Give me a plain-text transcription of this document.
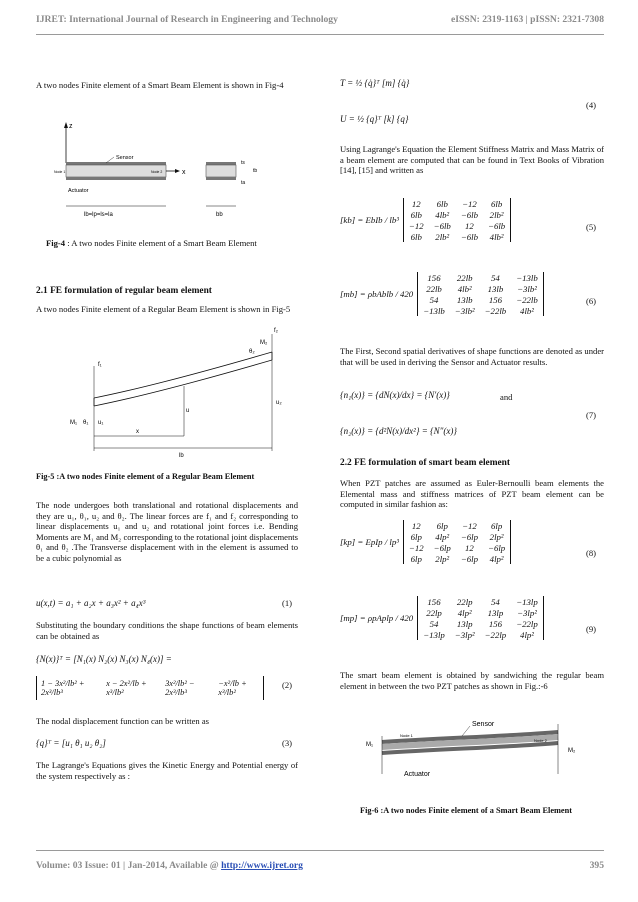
IJRET: International Journal of Research in Engineering and Technology	eISSN: 2319-1163 | pISSN: 2321-7308
A two nodes Finite element of a Smart Beam Element is shown in Fig-4
z
x
Sensor
Actuator
Node 1	Node 2
lb=lp=ls=la	bb
ts
tb
ta
Fig-4 : A two nodes Finite element of a Smart Beam Element
2.1 FE formulation of regular beam element
A two nodes Finite element of a Regular Beam Element is shown in Fig-5
f₁
f₂
M₁ θ₁
M₂
θ₂
u₁
u
u₂
x
lb
Fig-5 :A two nodes Finite element of a Regular Beam Element
The node undergoes both translational and rotational displacements and they are u₁, θ₁, u₂ and θ₂. The linear forces are f₁ and f₂ corresponding to linear displacements u₁ and u₂ and rotational joint forces i.e. Bending Moments are M₁ and M₂ corresponding to the rotational joint displacements θ₁ and θ₂ .The Transverse displacement with in the element is assumed to be a cubic polynomial as
u(x,t) = a₁ + a₂x + a₃x² + a₄x³	(1)
Substituting the boundary conditions the shape functions of beam elements can be obtained as
{N(x)}ᵀ = [N₁(x) N₂(x) N₃(x) N₄(x)] =
1 − 3x²/lb² + 2x³/lb³
x − 2x²/lb + x³/lb²
3x²/lb² − 2x³/lb³
−x²/lb + x³/lb²
(2)
The nodal displacement function can be written as
{q}ᵀ = [u₁ θ₁ u₂ θ₂]	(3)
The Lagrange's Equations gives the Kinetic Energy and Potential energy of the system respectively as :
T = ½ {q̇}ᵀ [m] {q̇}
U = ½ {q}ᵀ [k] {q}
(4)
Using Lagrange's Equation the Element Stiffness Matrix and Mass Matrix of a beam element are computed that can be found in Text Books of Vibration [14], [15] and written as
[kb] = EbIb / lb³
12	6lb	−12	6lb
6lb	4lb²	−6lb	2lb²
−12	−6lb	12	−6lb
6lb	2lb²	−6lb	4lb²
(5)
[mb] = ρbAblb / 420
156	22lb	54	−13lb
22lb	4lb²	13lb	−3lb²
54	13lb	156	−22lb
−13lb	−3lb²	−22lb	4lb²
(6)
The First, Second spatial derivatives of shape functions are denoted as under that will be used in deriving the Sensor and Actuator results.
{n₁(x)} = {dN(x)/dx} = {N′(x)}	and
{n₂(x)} = {d²N(x)/dx²} = {N″(x)}
(7)
2.2 FE formulation of smart beam element
When PZT patches are assumed as Euler-Bernoulli beam elements the Elemental mass and stiffness matrices of PZT beam element can be computed in similar fashion as:
[kp] = EpIp / lp³
12	6lp	−12	6lp
6lp	4lp²	−6lp	2lp²
−12	−6lp	12	−6lp
6lp	2lp²	−6lp	4lp²
(8)
[mp] = ρpAplp / 420
156	22lp	54	−13lp
22lp	4lp²	13lp	−3lp²
54	13lp	156	−22lp
−13lp	−3lp²	−22lp	4lp²
(9)
The smart beam element is obtained by sandwiching the regular beam element in between the two PZT patches as shown in Fig.:-6
Sensor
Actuator
Node 1
Node 2
M₁
M₂
Fig-6 :A two nodes Finite element of a Smart Beam Element
Volume: 03 Issue: 01 | Jan-2014, Available @ http://www.ijret.org	395
